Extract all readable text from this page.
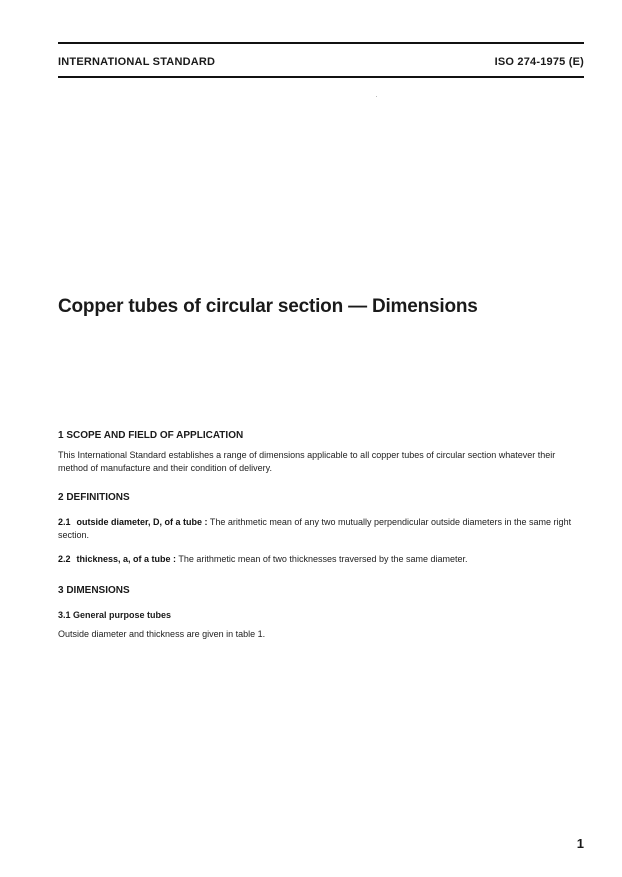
INTERNATIONAL STANDARD	ISO 274-1975 (E)
Copper tubes of circular section — Dimensions
1 SCOPE AND FIELD OF APPLICATION
This International Standard establishes a range of dimensions applicable to all copper tubes of circular section whatever their method of manufacture and their condition of delivery.
2 DEFINITIONS
2.1 outside diameter, D, of a tube : The arithmetic mean of any two mutually perpendicular outside diameters in the same right section.
2.2 thickness, a, of a tube : The arithmetic mean of two thicknesses traversed by the same diameter.
3 DIMENSIONS
3.1 General purpose tubes
Outside diameter and thickness are given in table 1.
1
